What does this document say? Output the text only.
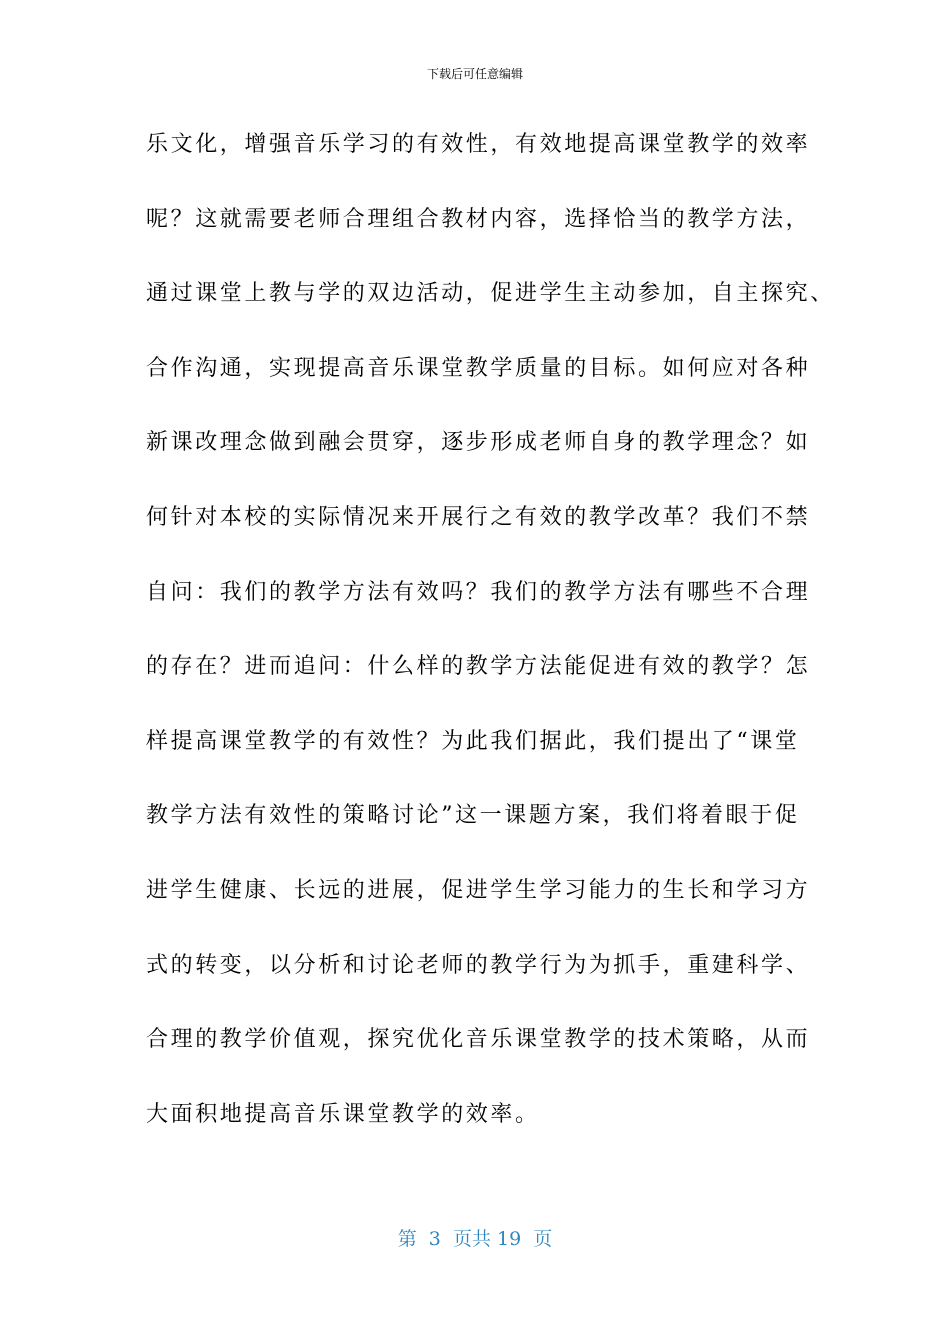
下载后可任意编辑
乐文化，增强音乐学习的有效性，有效地提高课堂教学的效率
呢？这就需要老师合理组合教材内容，选择恰当的教学方法，
通过课堂上教与学的双边活动，促进学生主动参加，自主探究、
合作沟通，实现提高音乐课堂教学质量的目标。如何应对各种
新课改理念做到融会贯穿，逐步形成老师自身的教学理念？如
何针对本校的实际情况来开展行之有效的教学改革？我们不禁
自问：我们的教学方法有效吗？我们的教学方法有哪些不合理
的存在？进而追问：什么样的教学方法能促进有效的教学？怎
样提高课堂教学的有效性？为此我们据此，我们提出了“课堂
教学方法有效性的策略讨论”这一课题方案，我们将着眼于促
进学生健康、长远的进展，促进学生学习能力的生长和学习方
式的转变，以分析和讨论老师的教学行为为抓手，重建科学、
合理的教学价值观，探究优化音乐课堂教学的技术策略，从而
大面积地提高音乐课堂教学的效率。
第  3  页共 19  页
